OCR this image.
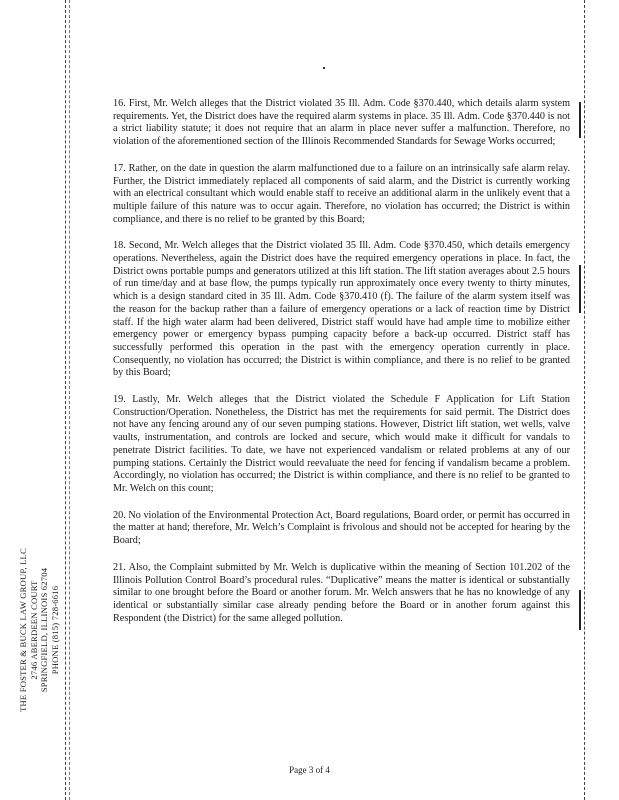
THE FOSTER & BUCK LAW GROUP, LLC 2746 ABERDEEN COURT SPRINGFIELD, ILLINOIS 62704 PHONE (815) 728-6616

16. First, Mr. Welch alleges that the District violated 35 Ill. Adm. Code §370.440, which details alarm system requirements. Yet, the District does have the required alarm systems in place. 35 Ill. Adm. Code §370.440 is not a strict liability statute; it does not require that an alarm in place never suffer a malfunction. Therefore, no violation of the aforementioned section of the Illinois Recommended Standards for Sewage Works occurred;

17. Rather, on the date in question the alarm malfunctioned due to a failure on an intrinsically safe alarm relay. Further, the District immediately replaced all components of said alarm, and the District is currently working with an electrical consultant which would enable staff to receive an additional alarm in the unlikely event that a multiple failure of this nature was to occur again. Therefore, no violation has occurred; the District is within compliance, and there is no relief to be granted by this Board;

18. Second, Mr. Welch alleges that the District violated 35 Ill. Adm. Code §370.450, which details emergency operations. Nevertheless, again the District does have the required emergency operations in place. In fact, the District owns portable pumps and generators utilized at this lift station. The lift station averages about 2.5 hours of run time/day and at base flow, the pumps typically run approximately once every twenty to thirty minutes, which is a design standard cited in 35 Ill. Adm. Code §370.410 (f). The failure of the alarm system itself was the reason for the backup rather than a failure of emergency operations or a lack of reaction time by District staff. If the high water alarm had been delivered, District staff would have had ample time to mobilize either emergency power or emergency bypass pumping capacity before a back-up occurred. District staff has successfully performed this operation in the past with the emergency operation currently in place. Consequently, no violation has occurred; the District is within compliance, and there is no relief to be granted by this Board;

19. Lastly, Mr. Welch alleges that the District violated the Schedule F Application for Lift Station Construction/Operation. Nonetheless, the District has met the requirements for said permit. The District does not have any fencing around any of our seven pumping stations. However, District lift station, wet wells, valve vaults, instrumentation, and controls are locked and secure, which would make it difficult for vandals to penetrate District facilities. To date, we have not experienced vandalism or related problems at any of our pumping stations. Certainly the District would reevaluate the need for fencing if vandalism became a problem. Accordingly, no violation has occurred; the District is within compliance, and there is no relief to be granted to Mr. Welch on this count;

20. No violation of the Environmental Protection Act, Board regulations, Board order, or permit has occurred in the matter at hand; therefore, Mr. Welch’s Complaint is frivolous and should not be accepted for hearing by the Board;

21. Also, the Complaint submitted by Mr. Welch is duplicative within the meaning of Section 101.202 of the Illinois Pollution Control Board’s procedural rules. “Duplicative” means the matter is identical or substantially similar to one brought before the Board or another forum. Mr. Welch answers that he has no knowledge of any identical or substantially similar case already pending before the Board or in another forum against this Respondent (the District) for the same alleged pollution.

Page 3 of 4
